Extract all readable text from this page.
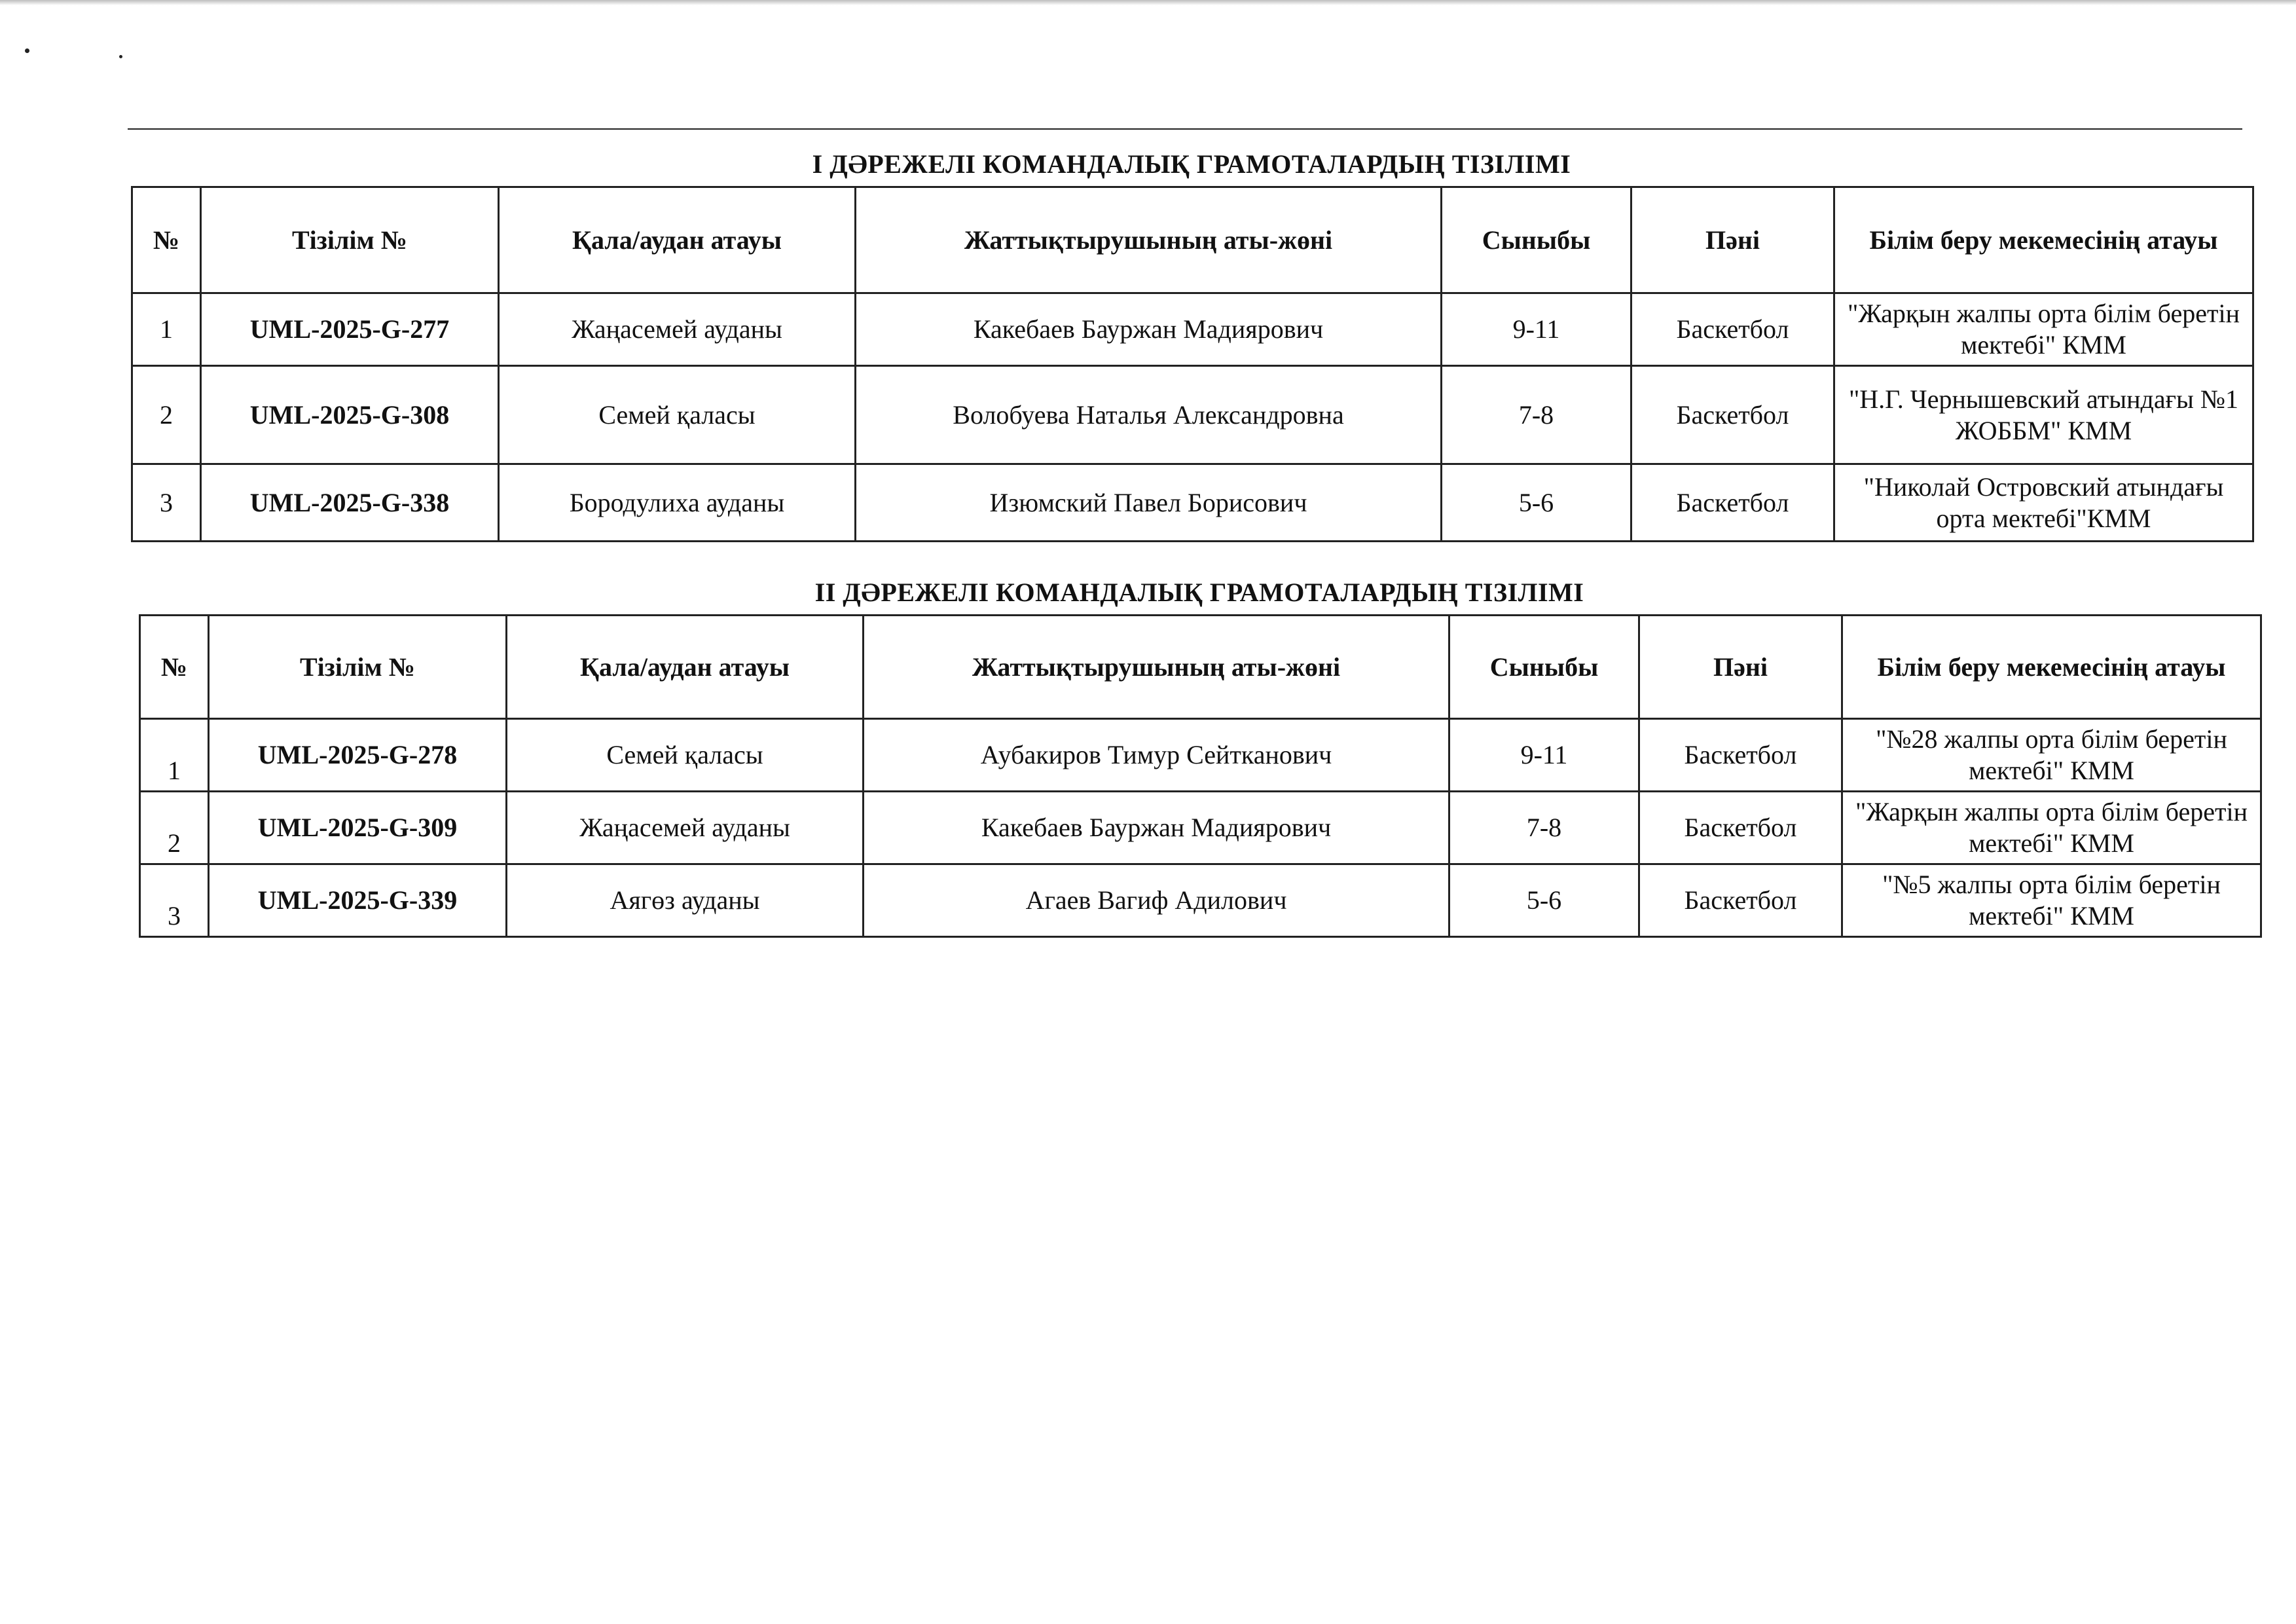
І ДӘРЕЖЕЛІ КОМАНДАЛЫҚ ГРАМОТАЛАРДЫҢ ТІЗІЛІМІ
№	Тізілім №	Қала/аудан атауы	Жаттықтырушының аты-жөні	Сыныбы	Пәні	Білім беру мекемесінің атауы
1	UML-2025-G-277	Жаңасемей ауданы	Какебаев Бауржан Мадиярович	9-11	Баскетбол	"Жарқын жалпы орта білім беретін мектебі" КММ
2	UML-2025-G-308	Семей қаласы	Волобуева Наталья Александровна	7-8	Баскетбол	"Н.Г. Чернышевский атындағы №1 ЖОББМ" КММ
3	UML-2025-G-338	Бородулиха ауданы	Изюмский Павел Борисович	5-6	Баскетбол	"Николай Островский атындағы орта мектебі"КММ
ІІ ДӘРЕЖЕЛІ КОМАНДАЛЫҚ ГРАМОТАЛАРДЫҢ ТІЗІЛІМІ
№	Тізілім №	Қала/аудан атауы	Жаттықтырушының аты-жөні	Сыныбы	Пәні	Білім беру мекемесінің атауы
1	UML-2025-G-278	Семей қаласы	Аубакиров Тимур Сейтканович	9-11	Баскетбол	"№28 жалпы орта білім беретін мектебі" КММ
2	UML-2025-G-309	Жаңасемей ауданы	Какебаев Бауржан Мадиярович	7-8	Баскетбол	"Жарқын жалпы орта білім беретін мектебі" КММ
3	UML-2025-G-339	Аягөз ауданы	Агаев Вагиф Адилович	5-6	Баскетбол	"№5 жалпы орта білім беретін мектебі" КММ
